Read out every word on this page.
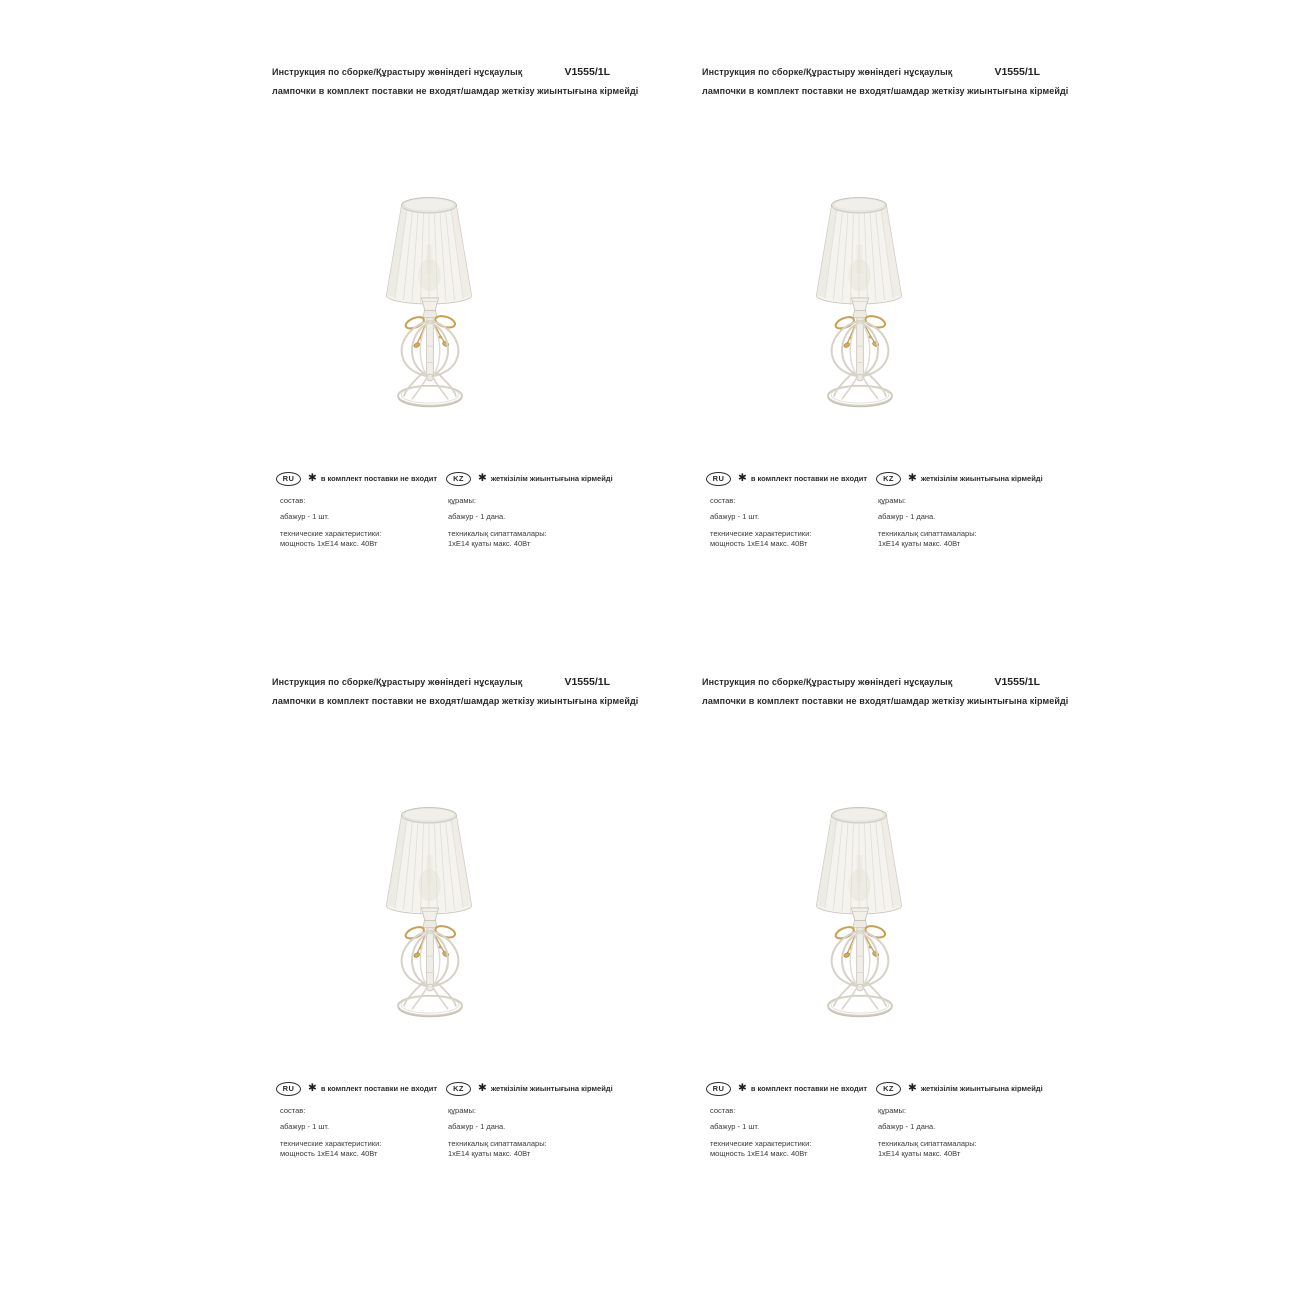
Инструкция по сборке/Құрастыру жөніндегі нұсқаулық	V1555/1L
лампочки в комплект поставки не входят/шамдар жеткізу жиынтығына кірмейді
RU	✱ в комплект поставки не входит	KZ	✱ жеткізілім жиынтығына кірмейді
состав:
абажур - 1 шт.
технические характеристики:
мощность 1хЕ14 макс. 40Вт
құрамы:
абажур - 1 дана.
техникалық сипаттамалары:
1хЕ14 қуаты макс. 40Вт
Инструкция по сборке/Құрастыру жөніндегі нұсқаулық	V1555/1L
лампочки в комплект поставки не входят/шамдар жеткізу жиынтығына кірмейді
RU	✱ в комплект поставки не входит	KZ	✱ жеткізілім жиынтығына кірмейді
состав:
абажур - 1 шт.
технические характеристики:
мощность 1хЕ14 макс. 40Вт
құрамы:
абажур - 1 дана.
техникалық сипаттамалары:
1хЕ14 қуаты макс. 40Вт
Инструкция по сборке/Құрастыру жөніндегі нұсқаулық	V1555/1L
лампочки в комплект поставки не входят/шамдар жеткізу жиынтығына кірмейді
RU	✱ в комплект поставки не входит	KZ	✱ жеткізілім жиынтығына кірмейді
состав:
абажур - 1 шт.
технические характеристики:
мощность 1хЕ14 макс. 40Вт
құрамы:
абажур - 1 дана.
техникалық сипаттамалары:
1хЕ14 қуаты макс. 40Вт
Инструкция по сборке/Құрастыру жөніндегі нұсқаулық	V1555/1L
лампочки в комплект поставки не входят/шамдар жеткізу жиынтығына кірмейді
RU	✱ в комплект поставки не входит	KZ	✱ жеткізілім жиынтығына кірмейді
состав:
абажур - 1 шт.
технические характеристики:
мощность 1хЕ14 макс. 40Вт
құрамы:
абажур - 1 дана.
техникалық сипаттамалары:
1хЕ14 қуаты макс. 40Вт
